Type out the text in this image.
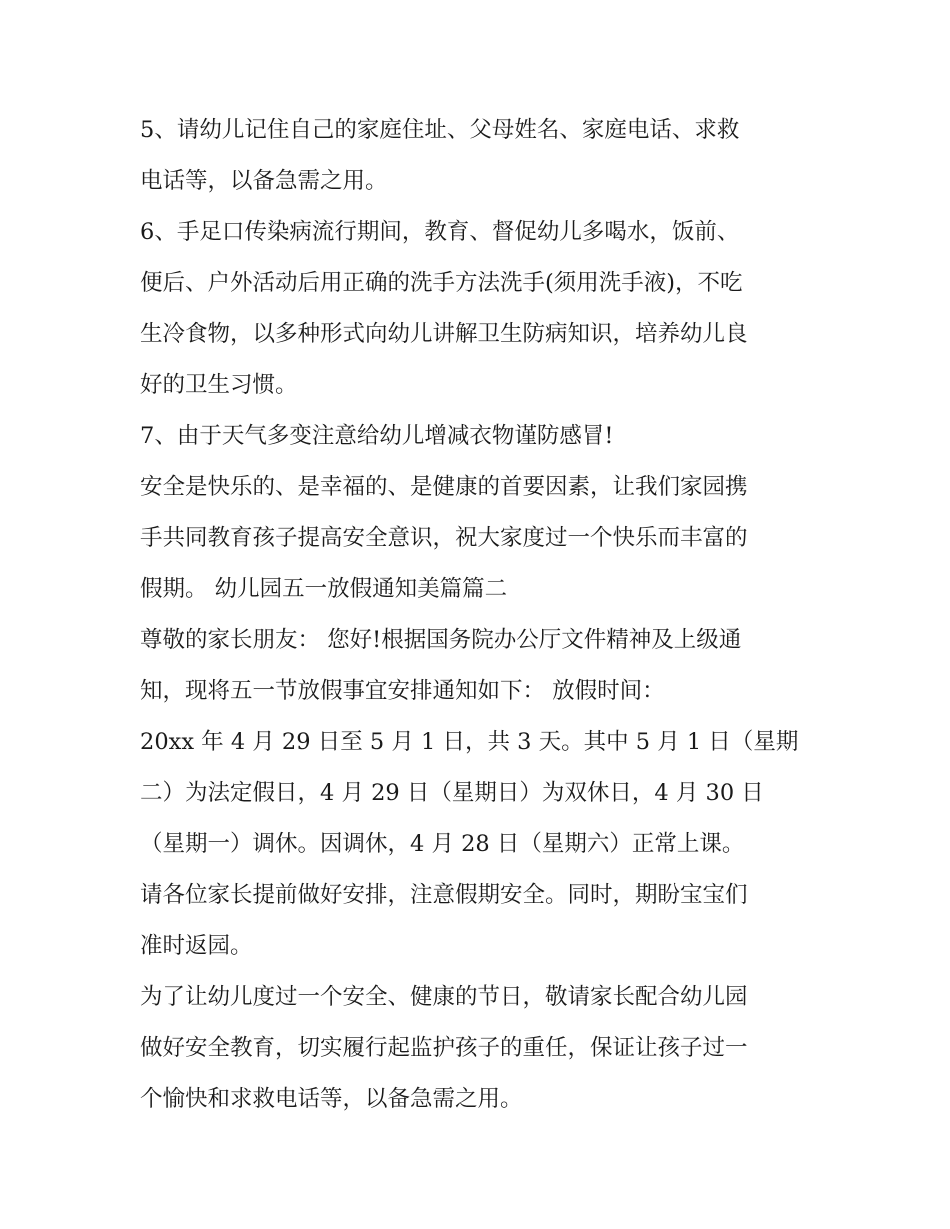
5、请幼儿记住自己的家庭住址、父母姓名、家庭电话、求救
电话等，以备急需之用。

6、手足口传染病流行期间，教育、督促幼儿多喝水，饭前、
便后、户外活动后用正确的洗手方法洗手(须用洗手液)，不吃
生冷食物，以多种形式向幼儿讲解卫生防病知识，培养幼儿良
好的卫生习惯。

7、由于天气多变注意给幼儿增减衣物谨防感冒!

安全是快乐的、是幸福的、是健康的首要因素，让我们家园携
手共同教育孩子提高安全意识，祝大家度过一个快乐而丰富的
假期。 幼儿园五一放假通知美篇篇二

尊敬的家长朋友： 您好!根据国务院办公厅文件精神及上级通
知，现将五一节放假事宜安排通知如下： 放假时间：

20xx 年 4 月 29 日至 5 月 1 日，共 3 天。其中 5 月 1 日（星期
二）为法定假日，4 月 29 日（星期日）为双休日，4 月 30 日
（星期一）调休。因调休，4 月 28 日（星期六）正常上课。
请各位家长提前做好安排，注意假期安全。同时，期盼宝宝们
准时返园。

为了让幼儿度过一个安全、健康的节日，敬请家长配合幼儿园
做好安全教育，切实履行起监护孩子的重任，保证让孩子过一
个愉快和求救电话等，以备急需之用。
